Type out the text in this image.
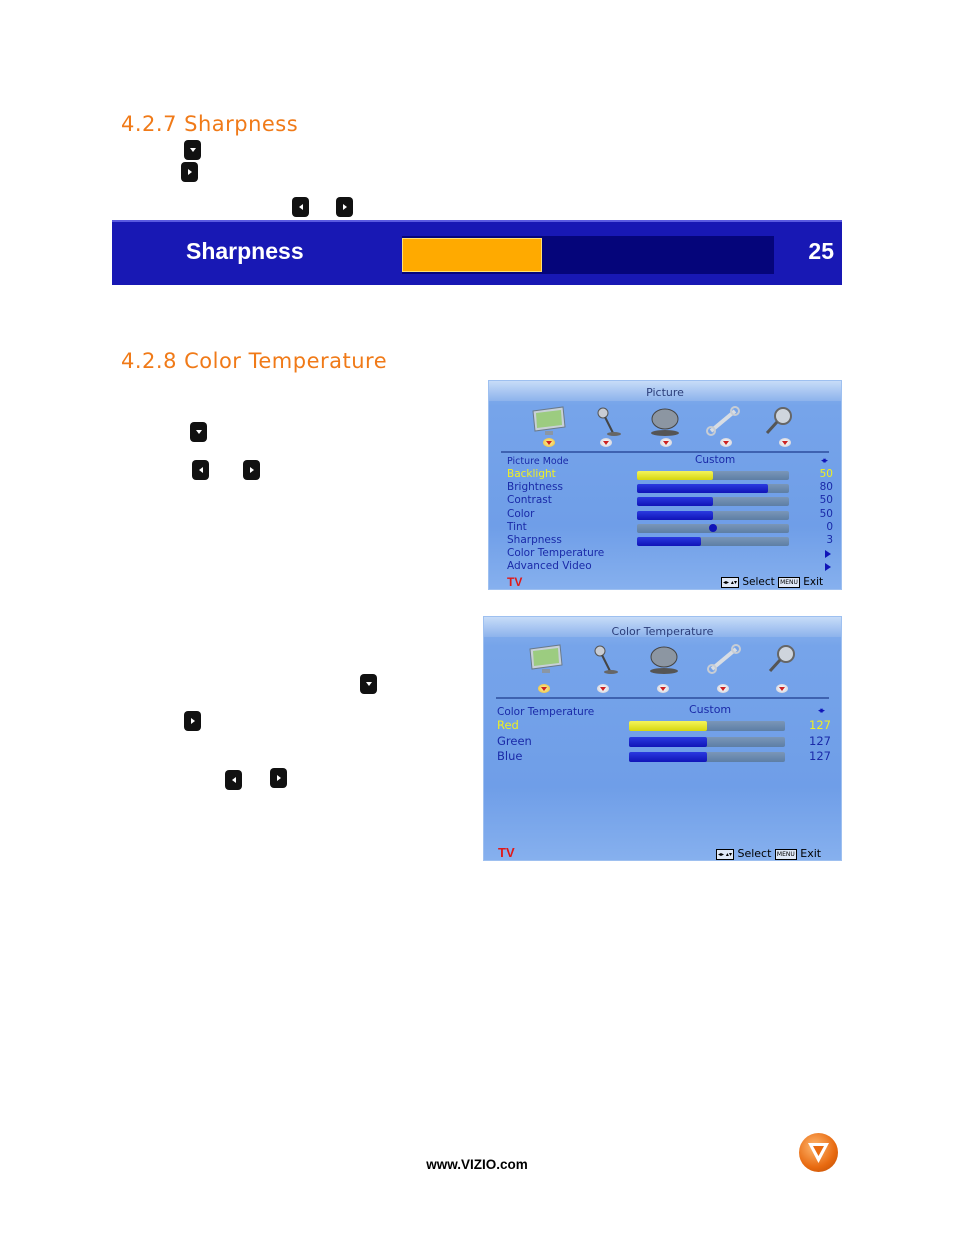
4.2.7 Sharpness
Sharpness	25
4.2.8 Color Temperature
Picture
Picture Mode	Custom	◂▸
Backlight	50
Brightness	80
Contrast	50
Color	50
Tint	0
Sharpness	3
Color Temperature
Advanced Video
TV	◂▸ ▴▾ Select MENU Exit
Color Temperature
Color Temperature	Custom	◂▸
Red	127
Green	127
Blue	127
TV	◂▸ ▴▾ Select MENU Exit
www.VIZIO.com
